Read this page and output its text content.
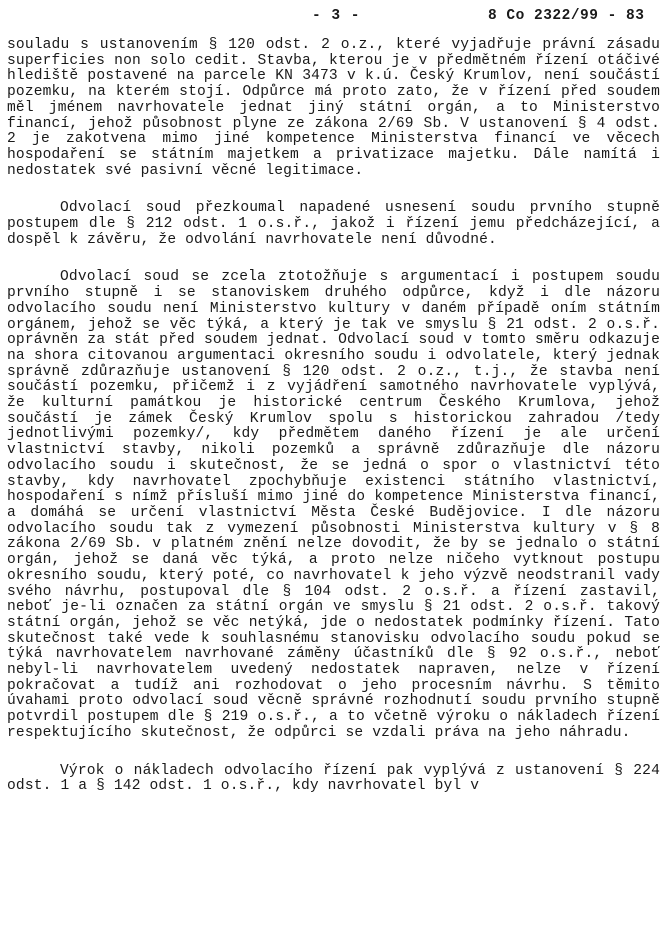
- 3 -	8 Co 2322/99 - 83

souladu s ustanovením § 120 odst. 2 o.z., které vyjadřuje právní zásadu superficies non solo cedit. Stavba, kterou je v předmětném řízení otáčivé hlediště postavené na parcele KN 3473 v k.ú. Český Krumlov, není součástí pozemku, na kterém stojí. Odpůrce má proto zato, že v řízení před soudem měl jménem navrhovatele jednat jiný státní orgán, a to Ministerstvo financí, jehož působnost plyne ze zákona 2/69 Sb. V ustanovení § 4 odst. 2 je zakotvena mimo jiné kompetence Ministerstva financí ve věcech hospodaření se státním majetkem a privatizace majetku. Dále namítá i nedostatek své pasivní věcné legitimace.

Odvolací soud přezkoumal napadené usnesení soudu prvního stupně postupem dle § 212 odst. 1 o.s.ř., jakož i řízení jemu předcházející, a dospěl k závěru, že odvolání navrhovatele není důvodné.

Odvolací soud se zcela ztotožňuje s argumentací i postupem soudu prvního stupně i se stanoviskem druhého odpůrce, když i dle názoru odvolacího soudu není Ministerstvo kultury v daném případě oním státním orgánem, jehož se věc týká, a který je tak ve smyslu § 21 odst. 2 o.s.ř. oprávněn za stát před soudem jednat. Odvolací soud v tomto směru odkazuje na shora citovanou argumentaci okresního soudu i odvolatele, který jednak správně zdůrazňuje ustanovení § 120 odst. 2 o.z., t.j., že stavba není součástí pozemku, přičemž i z vyjádření samotného navrhovatele vyplývá, že kulturní památkou je historické centrum Českého Krumlova, jehož součástí je zámek Český Krumlov spolu s historickou zahradou /tedy jednotlivými pozemky/, kdy předmětem daného řízení je ale určení vlastnictví stavby, nikoli pozemků a správně zdůrazňuje dle názoru odvolacího soudu i skutečnost, že se jedná o spor o vlastnictví této stavby, kdy navrhovatel zpochybňuje existenci státního vlastnictví, hospodaření s nímž přísluší mimo jiné do kompetence Ministerstva financí, a domáhá se určení vlastnictví Města České Budějovice. I dle názoru odvolacího soudu tak z vymezení působnosti Ministerstva kultury v § 8 zákona 2/69 Sb. v platném znění nelze dovodit, že by se jednalo o státní orgán, jehož se daná věc týká, a proto nelze ničeho vytknout postupu okresního soudu, který poté, co navrhovatel k jeho výzvě neodstranil vady svého návrhu, postupoval dle § 104 odst. 2 o.s.ř. a řízení zastavil, neboť je-li označen za státní orgán ve smyslu § 21 odst. 2 o.s.ř. takový státní orgán, jehož se věc netýká, jde o nedostatek podmínky řízení. Tato skutečnost také vede k souhlasnému stanovisku odvolacího soudu pokud se týká navrhovatelem navrhované záměny účastníků dle § 92 o.s.ř., neboť nebyl-li navrhovatelem uvedený nedostatek napraven, nelze v řízení pokračovat a tudíž ani rozhodovat o jeho procesním návrhu. S těmito úvahami proto odvolací soud věcně správné rozhodnutí soudu prvního stupně potvrdil postupem dle § 219 o.s.ř., a to včetně výroku o nákladech řízení respektujícího skutečnost, že odpůrci se vzdali práva na jeho náhradu.

Výrok o nákladech odvolacího řízení pak vyplývá z ustanovení § 224 odst. 1 a § 142 odst. 1 o.s.ř., kdy navrhovatel byl v
